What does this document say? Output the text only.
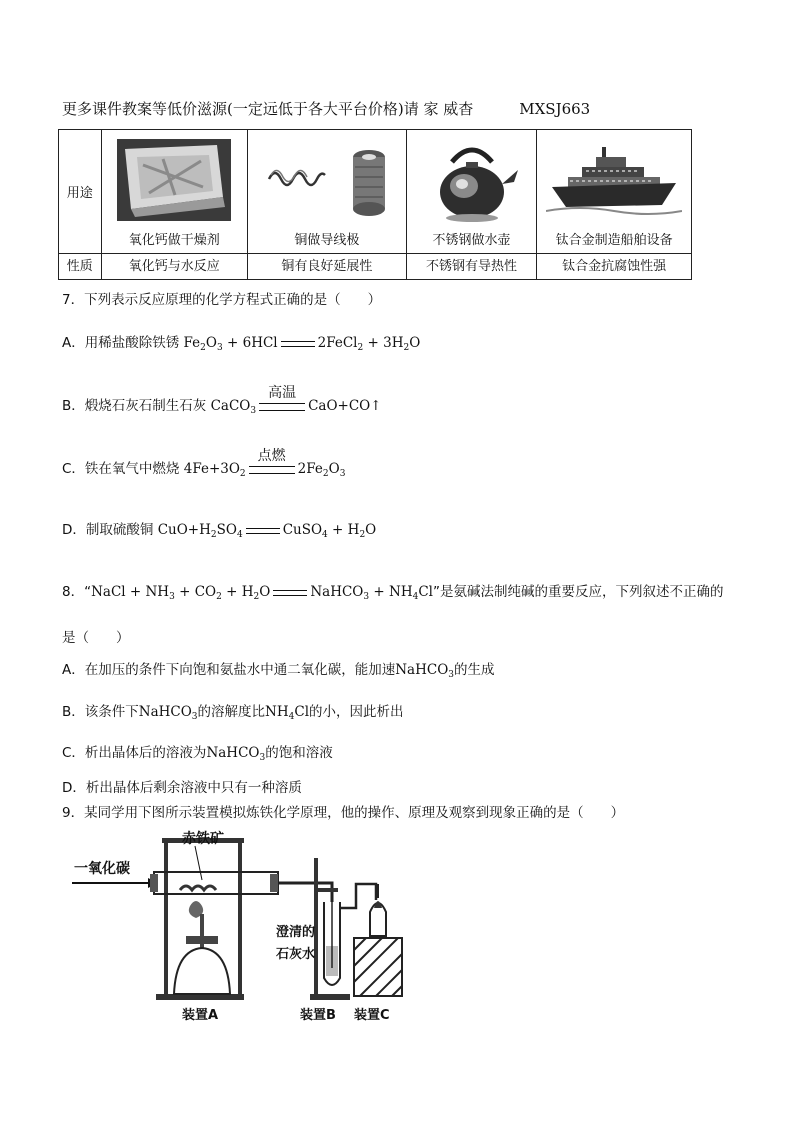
更多课件教案等低价滋源(一定远低于各大平台价格)请 家 威杳	MXSJ663
用途	氧化钙做干燥剂	铜做导线极	不锈钢做水壶	钛合金制造船舶设备

性质	氧化钙与水反应	铜有良好延展性	不锈钢有导热性	钛合金抗腐蚀性强
7．下列表示反应原理的化学方程式正确的是（　　）
A．用稀盐酸除铁锈 $Fe_2O_3 + 6HCl$	2FeCl$_2$ + $3H_2O$
B．煅烧石灰石制生石灰 CaCO$_3$
高温
CaO+CO↑
C．铁在氧气中燃烧 $4Fe+3O_2$
点燃
$2Fe_2O_3$
D．制取硫酸铜 $CuO+H_2SO_4$	CuSO$_4$ + $H_2O$
8．“NaCl + $NH_3 + CO_2 + H_2O$	NaHCO$_3$ + $NH_4Cl$”是氨碱法制纯碱的重要反应，下列叙述不正确的
是（　　）
A．在加压的条件下向饱和氨盐水中通二氧化碳，能加速NaHCO$_3$的生成
B．该条件下NaHCO$_3$的溶解度比$NH_4Cl$的小，因此析出
C．析出晶体后的溶液为NaHCO$_3$的饱和溶液
D．析出晶体后剩余溶液中只有一种溶质
9．某同学用下图所示装置模拟炼铁化学原理，他的操作、原理及观察到现象正确的是（　　）
一氧化碳
赤铁矿
澄清的
石灰水
装置A	装置B 装置C
